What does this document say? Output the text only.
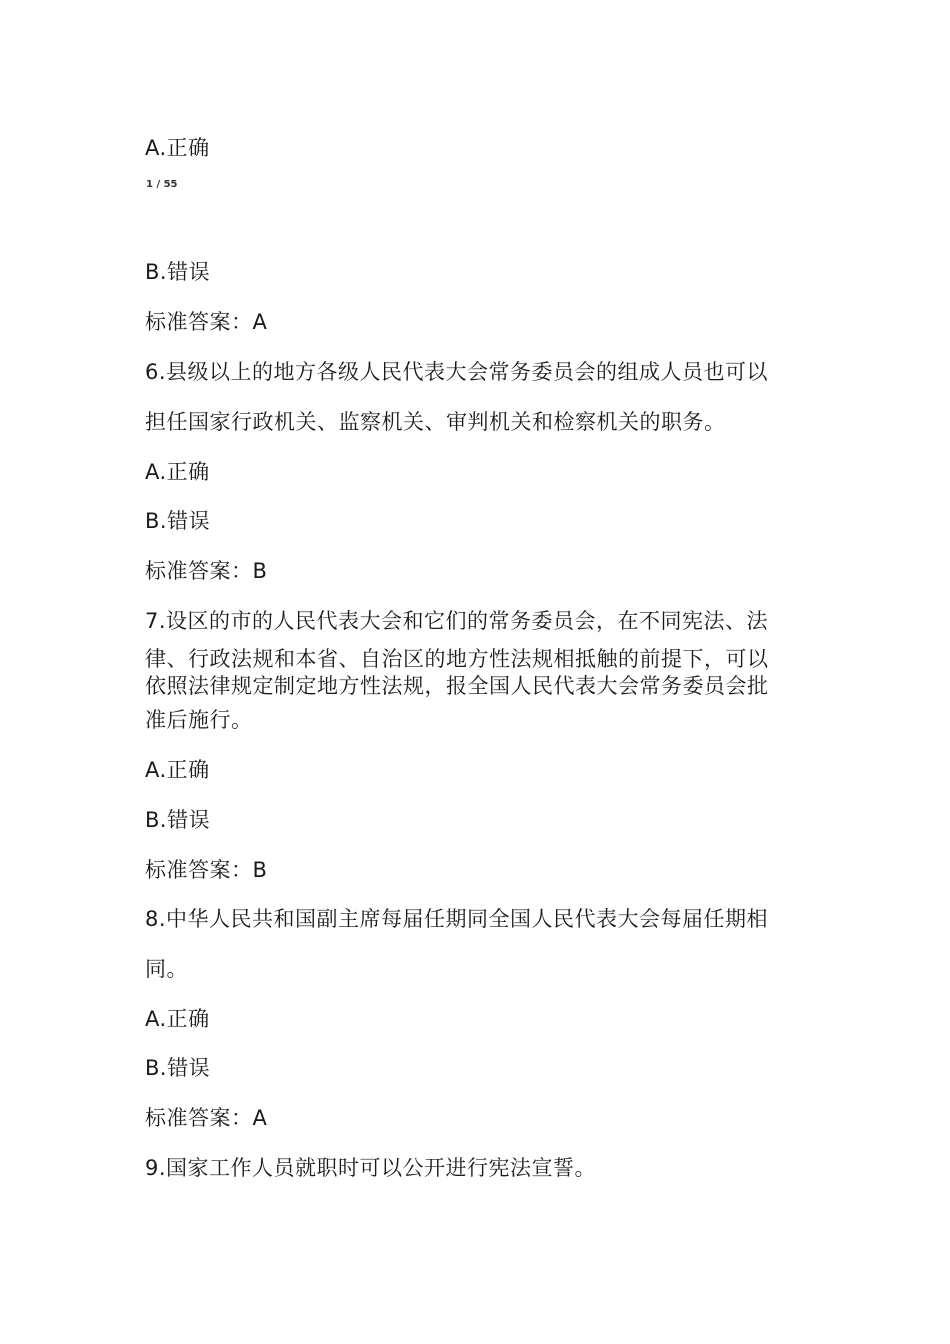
A.正确
1 / 55
B.错误
标准答案：A
6.县级以上的地方各级人民代表大会常务委员会的组成人员也可以
担任国家行政机关、监察机关、审判机关和检察机关的职务。
A.正确
B.错误
标准答案：B
7.设区的市的人民代表大会和它们的常务委员会，在不同宪法、法
律、行政法规和本省、自治区的地方性法规相抵触的前提下，可以
依照法律规定制定地方性法规，报全国人民代表大会常务委员会批
准后施行。
A.正确
B.错误
标准答案：B
8.中华人民共和国副主席每届任期同全国人民代表大会每届任期相
同。
A.正确
B.错误
标准答案：A
9.国家工作人员就职时可以公开进行宪法宣誓。
